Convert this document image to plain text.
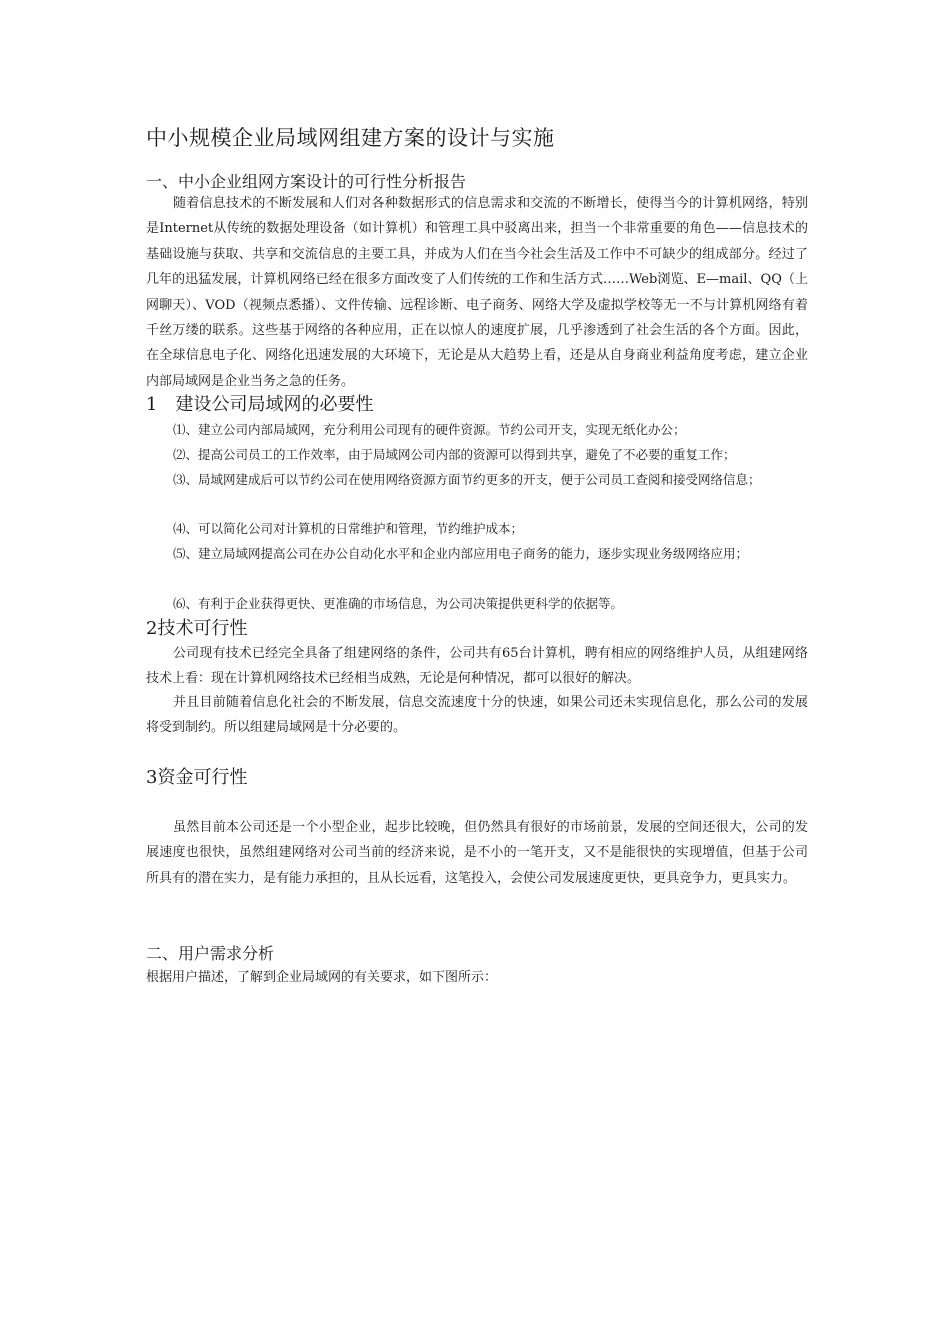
中小规模企业局域网组建方案的设计与实施
一、中小企业组网方案设计的可行性分析报告
随着信息技术的不断发展和人们对各种数据形式的信息需求和交流的不断增长，使得当今的计算机网络，特别是Internet从传统的数据处理设备（如计算机）和管理工具中驳离出来，担当一个非常重要的角色——信息技术的基础设施与获取、共享和交流信息的主要工具，并成为人们在当今社会生活及工作中不可缺少的组成部分。经过了几年的迅猛发展，计算机网络已经在很多方面改变了人们传统的工作和生活方式……Web浏览、E—mail、QQ（上网聊天）、VOD（视频点悉播）、文件传输、远程诊断、电子商务、网络大学及虚拟学校等无一不与计算机网络有着千丝万缕的联系。这些基于网络的各种应用，正在以惊人的速度扩展，几乎渗透到了社会生活的各个方面。因此，在全球信息电子化、网络化迅速发展的大环境下，无论是从大趋势上看，还是从自身商业利益角度考虑，建立企业内部局域网是企业当务之急的任务。
1　建设公司局域网的必要性
⑴、建立公司内部局域网，充分利用公司现有的硬件资源。节约公司开支，实现无纸化办公；
⑵、提高公司员工的工作效率，由于局域网公司内部的资源可以得到共享，避免了不必要的重复工作；
⑶、局域网建成后可以节约公司在使用网络资源方面节约更多的开支，便于公司员工查阅和接受网络信息；
⑷、可以简化公司对计算机的日常维护和管理，节约维护成本；
⑸、建立局域网提高公司在办公自动化水平和企业内部应用电子商务的能力，逐步实现业务级网络应用；
⑹、有利于企业获得更快、更准确的市场信息，为公司决策提供更科学的依据等。
2技术可行性
公司现有技术已经完全具备了组建网络的条件，公司共有65台计算机，聘有相应的网络维护人员，从组建网络技术上看：现在计算机网络技术已经相当成熟，无论是何种情况，都可以很好的解决。
并且目前随着信息化社会的不断发展，信息交流速度十分的快速，如果公司还未实现信息化，那么公司的发展将受到制约。所以组建局域网是十分必要的。
3资金可行性
虽然目前本公司还是一个小型企业，起步比较晚，但仍然具有很好的市场前景，发展的空间还很大，公司的发展速度也很快，虽然组建网络对公司当前的经济来说，是不小的一笔开支，又不是能很快的实现增值，但基于公司所具有的潜在实力，是有能力承担的，且从长远看，这笔投入，会使公司发展速度更快，更具竞争力，更具实力。
二、用户需求分析
根据用户描述，了解到企业局域网的有关要求，如下图所示：
